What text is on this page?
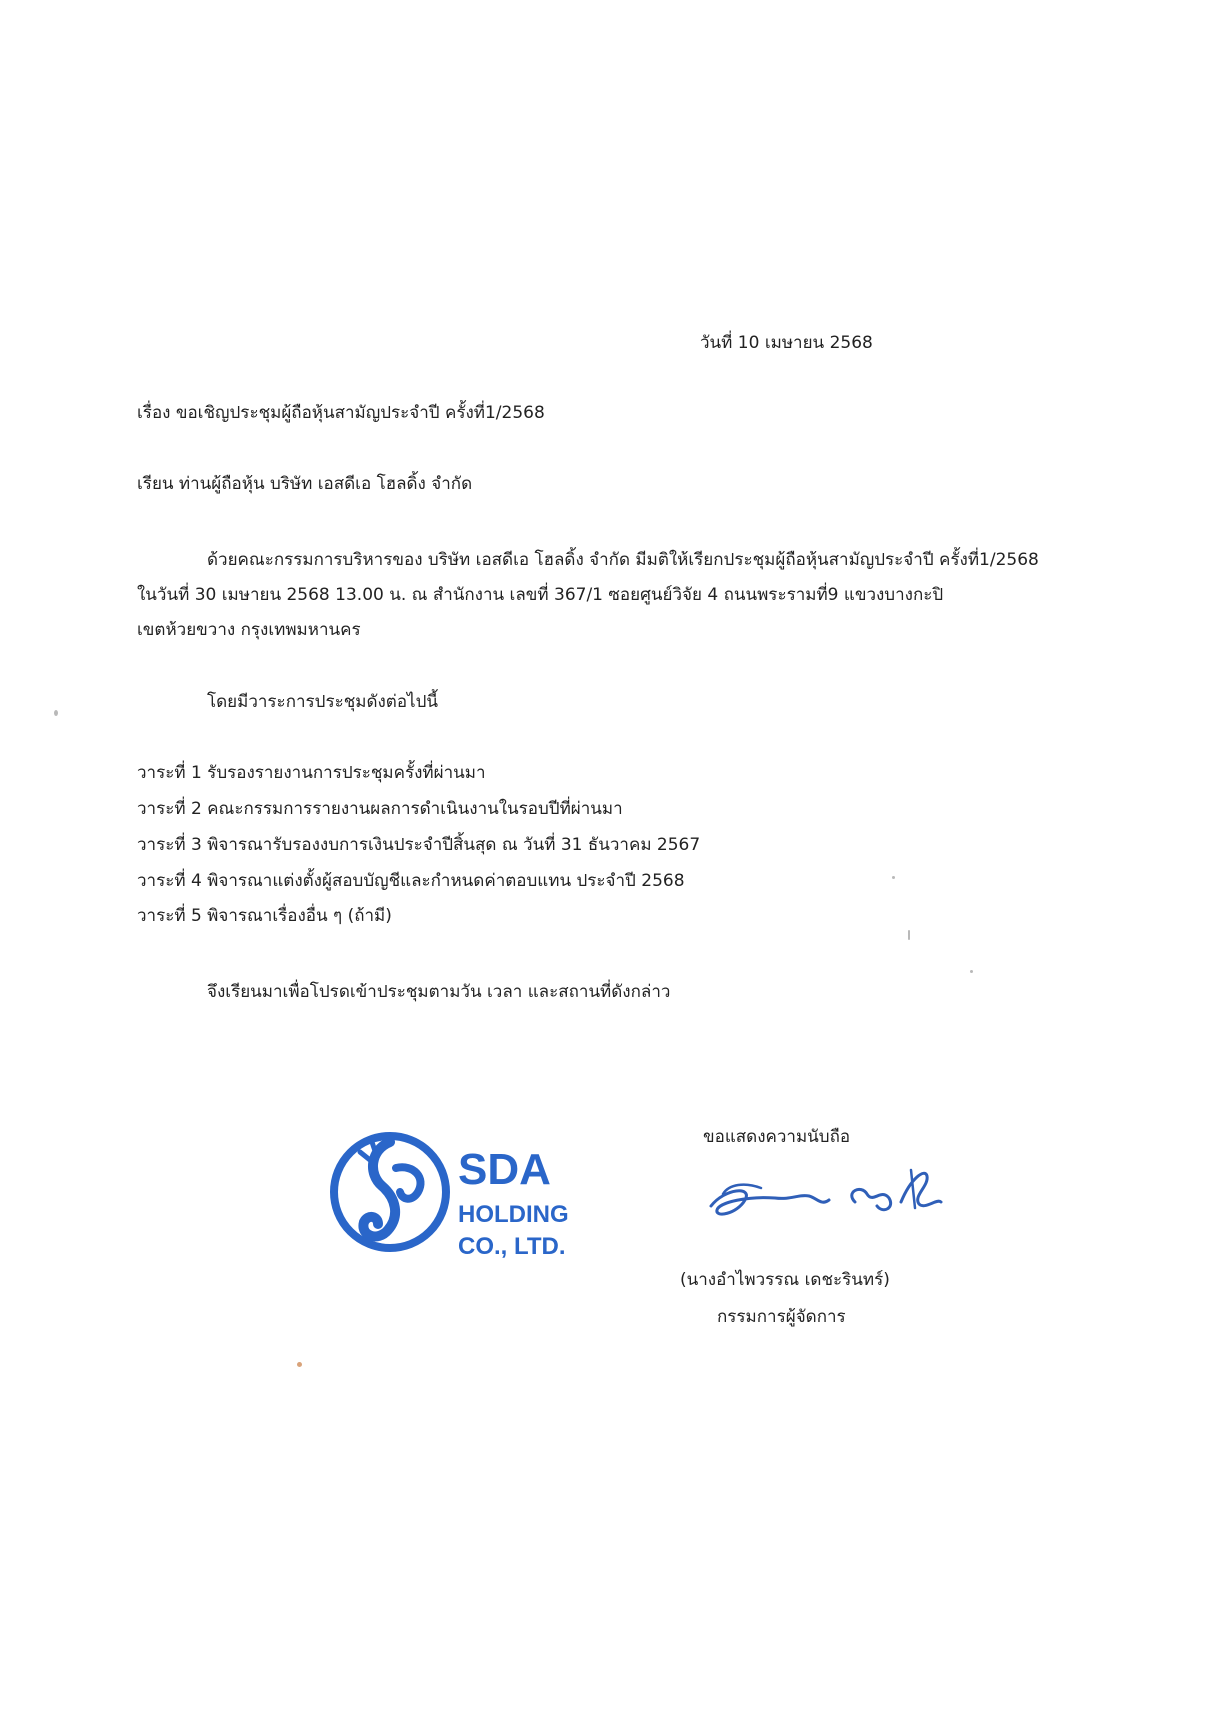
วันที่ 10 เมษายน 2568
เรื่อง ขอเชิญประชุมผู้ถือหุ้นสามัญประจำปี ครั้งที่1/2568
เรียน ท่านผู้ถือหุ้น บริษัท เอสดีเอ โฮลดิ้ง จำกัด
ด้วยคณะกรรมการบริหารของ บริษัท เอสดีเอ โฮลดิ้ง จำกัด มีมติให้เรียกประชุมผู้ถือหุ้นสามัญประจำปี ครั้งที่1/2568
ในวันที่ 30 เมษายน 2568 13.00 น. ณ สำนักงาน เลขที่ 367/1 ซอยศูนย์วิจัย 4 ถนนพระรามที่9 แขวงบางกะปิ
เขตห้วยขวาง กรุงเทพมหานคร
โดยมีวาระการประชุมดังต่อไปนี้
วาระที่ 1 รับรองรายงานการประชุมครั้งที่ผ่านมา
วาระที่ 2 คณะกรรมการรายงานผลการดำเนินงานในรอบปีที่ผ่านมา
วาระที่ 3 พิจารณารับรองงบการเงินประจำปีสิ้นสุด ณ วันที่ 31 ธันวาคม 2567
วาระที่ 4 พิจารณาแต่งตั้งผู้สอบบัญชีและกำหนดค่าตอบแทน ประจำปี 2568
วาระที่ 5 พิจารณาเรื่องอื่น ๆ (ถ้ามี)
จึงเรียนมาเพื่อโปรดเข้าประชุมตามวัน เวลา และสถานที่ดังกล่าว
ขอแสดงความนับถือ
(นางอำไพวรรณ เดชะรินทร์)
กรรมการผู้จัดการ
SDA
HOLDING
CO., LTD.
